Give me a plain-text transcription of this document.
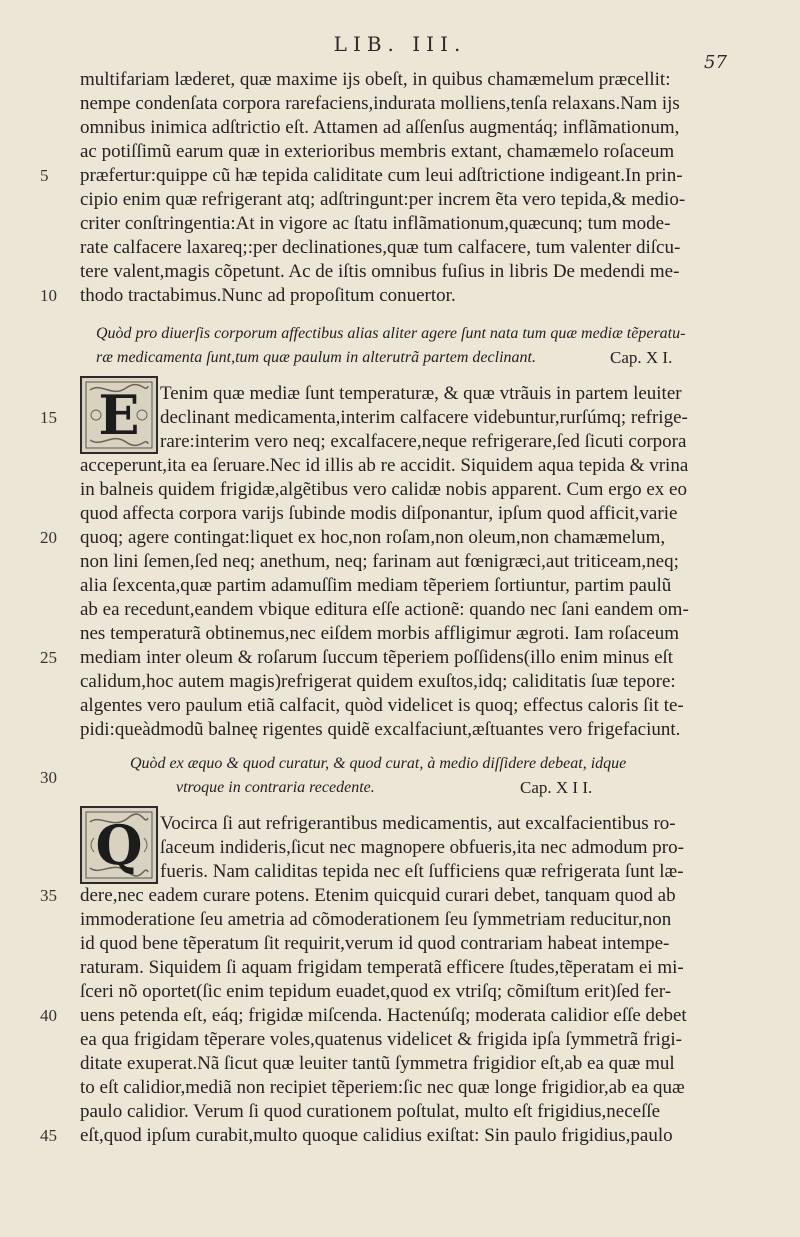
LIB. III.
57
multifariam læderet, quæ maxime ijs obeſt, in quibus chamæmelum præcellit:
nempe condenſata corpora rarefaciens,indurata molliens,tenſa relaxans.Nam ijs
omnibus inimica adſtrictio eſt. Attamen ad aſſenſus augmentáq; inflãmationum,
ac potiſſimũ earum quæ in exterioribus membris extant, chamæmelo roſaceum
præfertur:quippe cũ hæ tepida caliditate cum leui adſtrictione indigeant.In prin-
cipio enim quæ refrigerant atq; adſtringunt:per increm ẽta vero tepida,& medio-
criter conſtringentia:At in vigore ac ſtatu inflãmationum,quæcunq; tum mode-
rate calfacere laxareq;:per declinationes,quæ tum calfacere, tum valenter diſcu-
tere valent,magis cõpetunt. Ac de iſtis omnibus fuſius in libris De medendi me-
thodo tractabimus.Nunc ad propoſitum conuertor.
Quòd pro diuerſis corporum affectibus alias aliter agere ſunt nata tum quæ mediæ tẽperatu-
ræ medicamenta ſunt,tum quæ paulum in alterutrã partem declinant.	Cap. X I.
E	Tenim quæ mediæ ſunt temperaturæ, & quæ vtrãuis in partem leuiter
declinant medicamenta,interim calfacere videbuntur,rurſúmq; refrige-
rare:interim vero neq; excalfacere,neque refrigerare,ſed ſicuti corpora
acceperunt,ita ea ſeruare.Nec id illis ab re accidit. Siquidem aqua tepida & vrina
in balneis quidem frigidæ,algẽtibus vero calidæ nobis apparent. Cum ergo ex eo
quod affecta corpora varijs ſubinde modis diſponantur, ipſum quod afficit,varie
quoq; agere contingat:liquet ex hoc,non roſam,non oleum,non chamæmelum,
non lini ſemen,ſed neq; anethum, neq; farinam aut fœnigræci,aut triticeam,neq;
alia ſexcenta,quæ partim adamuſſim mediam tẽperiem ſortiuntur, partim paulũ
ab ea recedunt,eandem vbique editura eſſe actionẽ: quando nec ſani eandem om-
nes temperaturã obtinemus,nec eiſdem morbis affligimur ægroti. Iam roſaceum
mediam inter oleum & roſarum ſuccum tẽperiem poſſidens(illo enim minus eſt
calidum,hoc autem magis)refrigerat quidem exuſtos,idq; caliditatis ſuæ tepore:
algentes vero paulum etiã calfacit, quòd videlicet is quoq; effectus caloris ſit te-
pidi:queàdmodũ balneę rigentes quidẽ excalfaciunt,æſtuantes vero frigefaciunt.
Quòd ex æquo & quod curatur, & quod curat, à medio diſſidere debeat, idque
vtroque in contraria recedente.	Cap. X I I.
Q Vocirca ſi aut refrigerantibus medicamentis, aut excalfacientibus ro-
ſaceum indideris,ſicut nec magnopere obfueris,ita nec admodum pro-
fueris. Nam caliditas tepida nec eſt ſufficiens quæ refrigerata ſunt læ-
dere,nec eadem curare potens. Etenim quicquid curari debet, tanquam quod ab
immoderatione ſeu ametria ad cõmoderationem ſeu ſymmetriam reducitur,non
id quod bene tẽperatum ſit requirit,verum id quod contrariam habeat intempe-
raturam. Siquidem ſi aquam frigidam temperatã efficere ſtudes,tẽperatam ei mi-
ſceri nõ oportet(ſic enim tepidum euadet,quod ex vtriſq; cõmiſtum erit)ſed fer-
uens petenda eſt, eáq; frigidæ miſcenda. Hactenúſq; moderata calidior eſſe debet
ea qua frigidam tẽperare voles,quatenus videlicet & frigida ipſa ſymmetrã frigi-
ditate exuperat.Nã ſicut quæ leuiter tantũ ſymmetra frigidior eſt,ab ea quæ mul
to eſt calidior,mediã non recipiet tẽperiem:ſic nec quæ longe frigidior,ab ea quæ
paulo calidior. Verum ſi quod curationem poſtulat, multo eſt frigidius,neceſſe
eſt,quod ipſum curabit,multo quoque calidius exiſtat: Sin paulo frigidius,paulo
5
10
15
20
25
30
35
40
45
